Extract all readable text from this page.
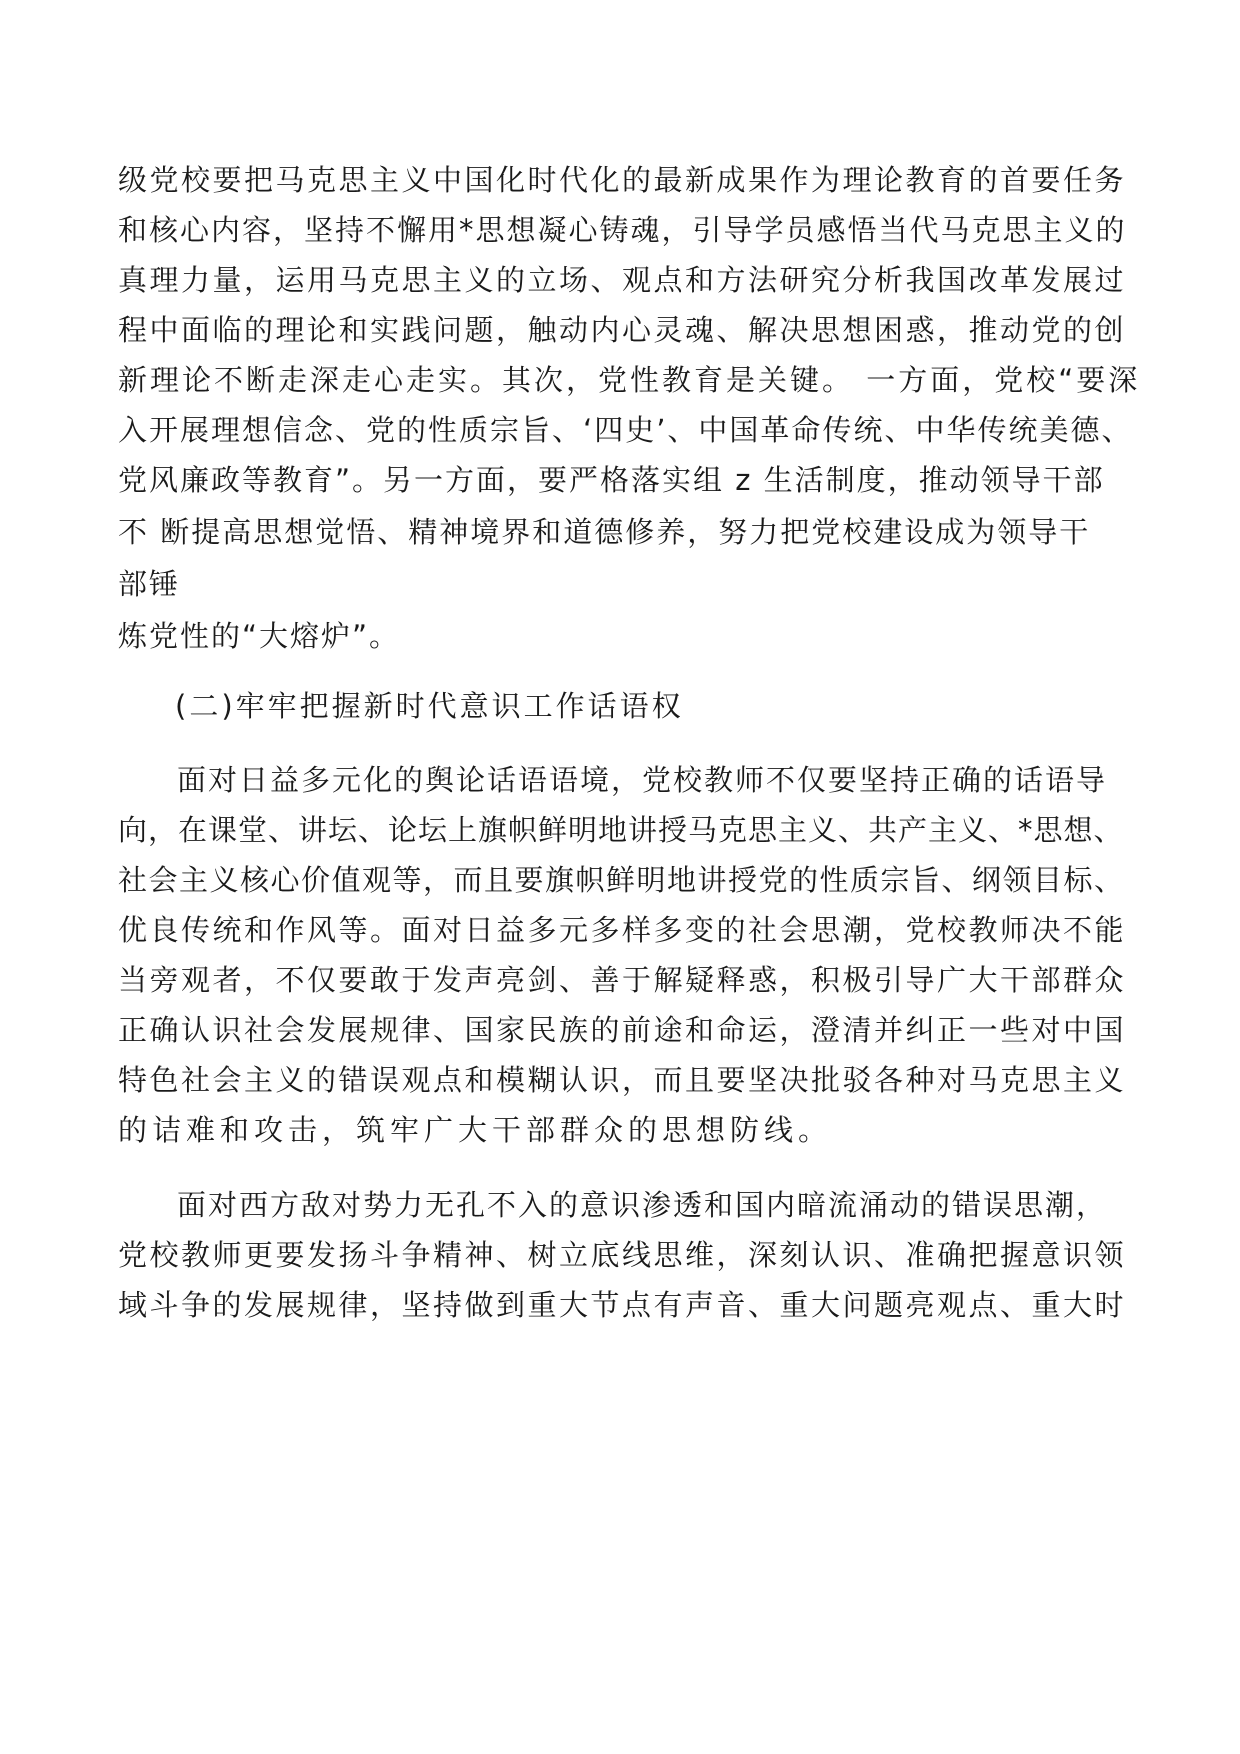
级党校要把马克思主义中国化时代化的最新成果作为理论教育的首要任务

和核心内容，坚持不懈用*思想凝心铸魂，引导学员感悟当代马克思主义的

真理力量，运用马克思主义的立场、观点和方法研究分析我国改革发展过

程中面临的理论和实践问题，触动内心灵魂、解决思想困惑，推动党的创

新理论不断走深走心走实。其次，党性教育是关键。 一方面，党校“要深

入开展理想信念、党的性质宗旨、‘四史’、中国革命传统、中华传统美德、

党风廉政等教育”。另一方面，要严格落实组 z 生活制度，推动领导干部

不 断提高思想觉悟、精神境界和道德修养，努力把党校建设成为领导干

部锤

炼党性的“大熔炉”。

(二)牢牢把握新时代意识工作话语权

面对日益多元化的舆论话语语境，党校教师不仅要坚持正确的话语导

向，在课堂、讲坛、论坛上旗帜鲜明地讲授马克思主义、共产主义、*思想、

社会主义核心价值观等，而且要旗帜鲜明地讲授党的性质宗旨、纲领目标、

优良传统和作风等。面对日益多元多样多变的社会思潮，党校教师决不能

当旁观者，不仅要敢于发声亮剑、善于解疑释惑，积极引导广大干部群众

正确认识社会发展规律、国家民族的前途和命运，澄清并纠正一些对中国

特色社会主义的错误观点和模糊认识，而且要坚决批驳各种对马克思主义

的诘难和攻击，筑牢广大干部群众的思想防线。

面对西方敌对势力无孔不入的意识渗透和国内暗流涌动的错误思潮，

党校教师更要发扬斗争精神、树立底线思维，深刻认识、准确把握意识领

域斗争的发展规律，坚持做到重大节点有声音、重大问题亮观点、重大时
